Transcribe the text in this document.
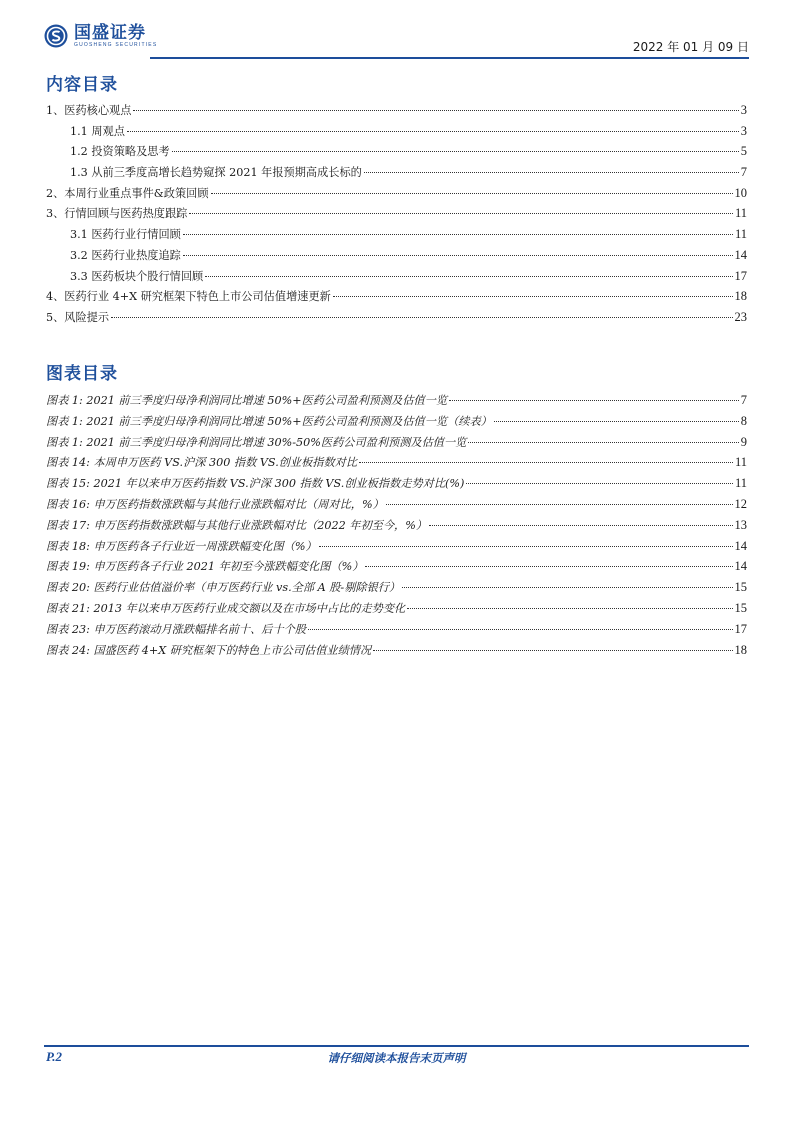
国盛证券
GUOSHENG SECURITIES	2022 年 01 月 09 日
内容目录
1、医药核心观点	3
1.1 周观点	3
1.2 投资策略及思考	5
1.3 从前三季度高增长趋势窥探 2021 年报预期高成长标的	7
2、本周行业重点事件&政策回顾	10
3、行情回顾与医药热度跟踪	11
3.1 医药行业行情回顾	11
3.2 医药行业热度追踪	14
3.3 医药板块个股行情回顾	17
4、医药行业 4+X 研究框架下特色上市公司估值增速更新	18
5、风险提示	23
图表目录
图表 1: 2021 前三季度归母净利润同比增速 50%+医药公司盈利预测及估值一览	7
图表 1: 2021 前三季度归母净利润同比增速 50%+医药公司盈利预测及估值一览（续表）	8
图表 1: 2021 前三季度归母净利润同比增速 30%-50%医药公司盈利预测及估值一览	9
图表 14: 本周申万医药 VS.沪深 300 指数 VS.创业板指数对比	11
图表 15: 2021 年以来申万医药指数 VS.沪深 300 指数 VS.创业板指数走势对比(%)	11
图表 16: 申万医药指数涨跌幅与其他行业涨跌幅对比（周对比，%）	12
图表 17: 申万医药指数涨跌幅与其他行业涨跌幅对比（2022 年初至今，%）	13
图表 18: 申万医药各子行业近一周涨跌幅变化图（%）	14
图表 19: 申万医药各子行业 2021 年初至今涨跌幅变化图（%）	14
图表 20: 医药行业估值溢价率（申万医药行业 vs.全部 A 股-剔除银行）	15
图表 21: 2013 年以来申万医药行业成交额以及在市场中占比的走势变化	15
图表 23: 申万医药滚动月涨跌幅排名前十、后十个股	17
图表 24: 国盛医药 4+X 研究框架下的特色上市公司估值业绩情况	18
P.2	请仔细阅读本报告末页声明
